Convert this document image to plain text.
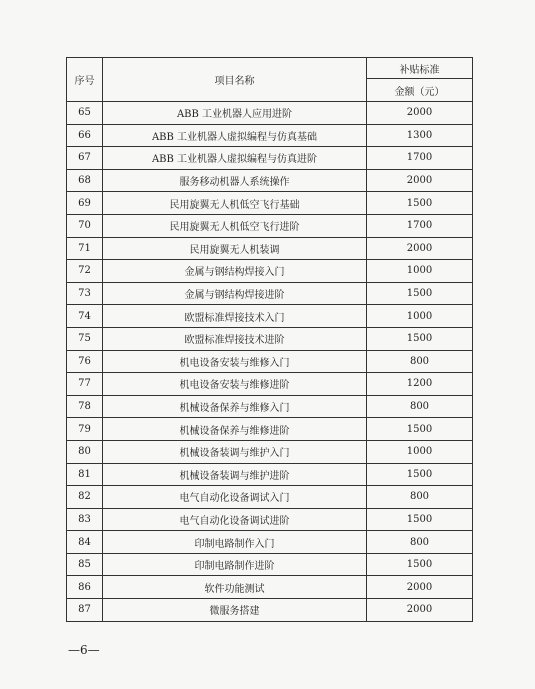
序号	项目名称	补贴标准
		金额（元）
65	ABB 工业机器人应用进阶	2000
66	ABB 工业机器人虚拟编程与仿真基础	1300
67	ABB 工业机器人虚拟编程与仿真进阶	1700
68	服务移动机器人系统操作	2000
69	民用旋翼无人机低空飞行基础	1500
70	民用旋翼无人机低空飞行进阶	1700
71	民用旋翼无人机装调	2000
72	金属与钢结构焊接入门	1000
73	金属与钢结构焊接进阶	1500
74	欧盟标准焊接技术入门	1000
75	欧盟标准焊接技术进阶	1500
76	机电设备安装与维修入门	800
77	机电设备安装与维修进阶	1200
78	机械设备保养与维修入门	800
79	机械设备保养与维修进阶	1500
80	机械设备装调与维护入门	1000
81	机械设备装调与维护进阶	1500
82	电气自动化设备调试入门	800
83	电气自动化设备调试进阶	1500
84	印制电路制作入门	800
85	印制电路制作进阶	1500
86	软件功能测试	2000
87	微服务搭建	2000
—6—
